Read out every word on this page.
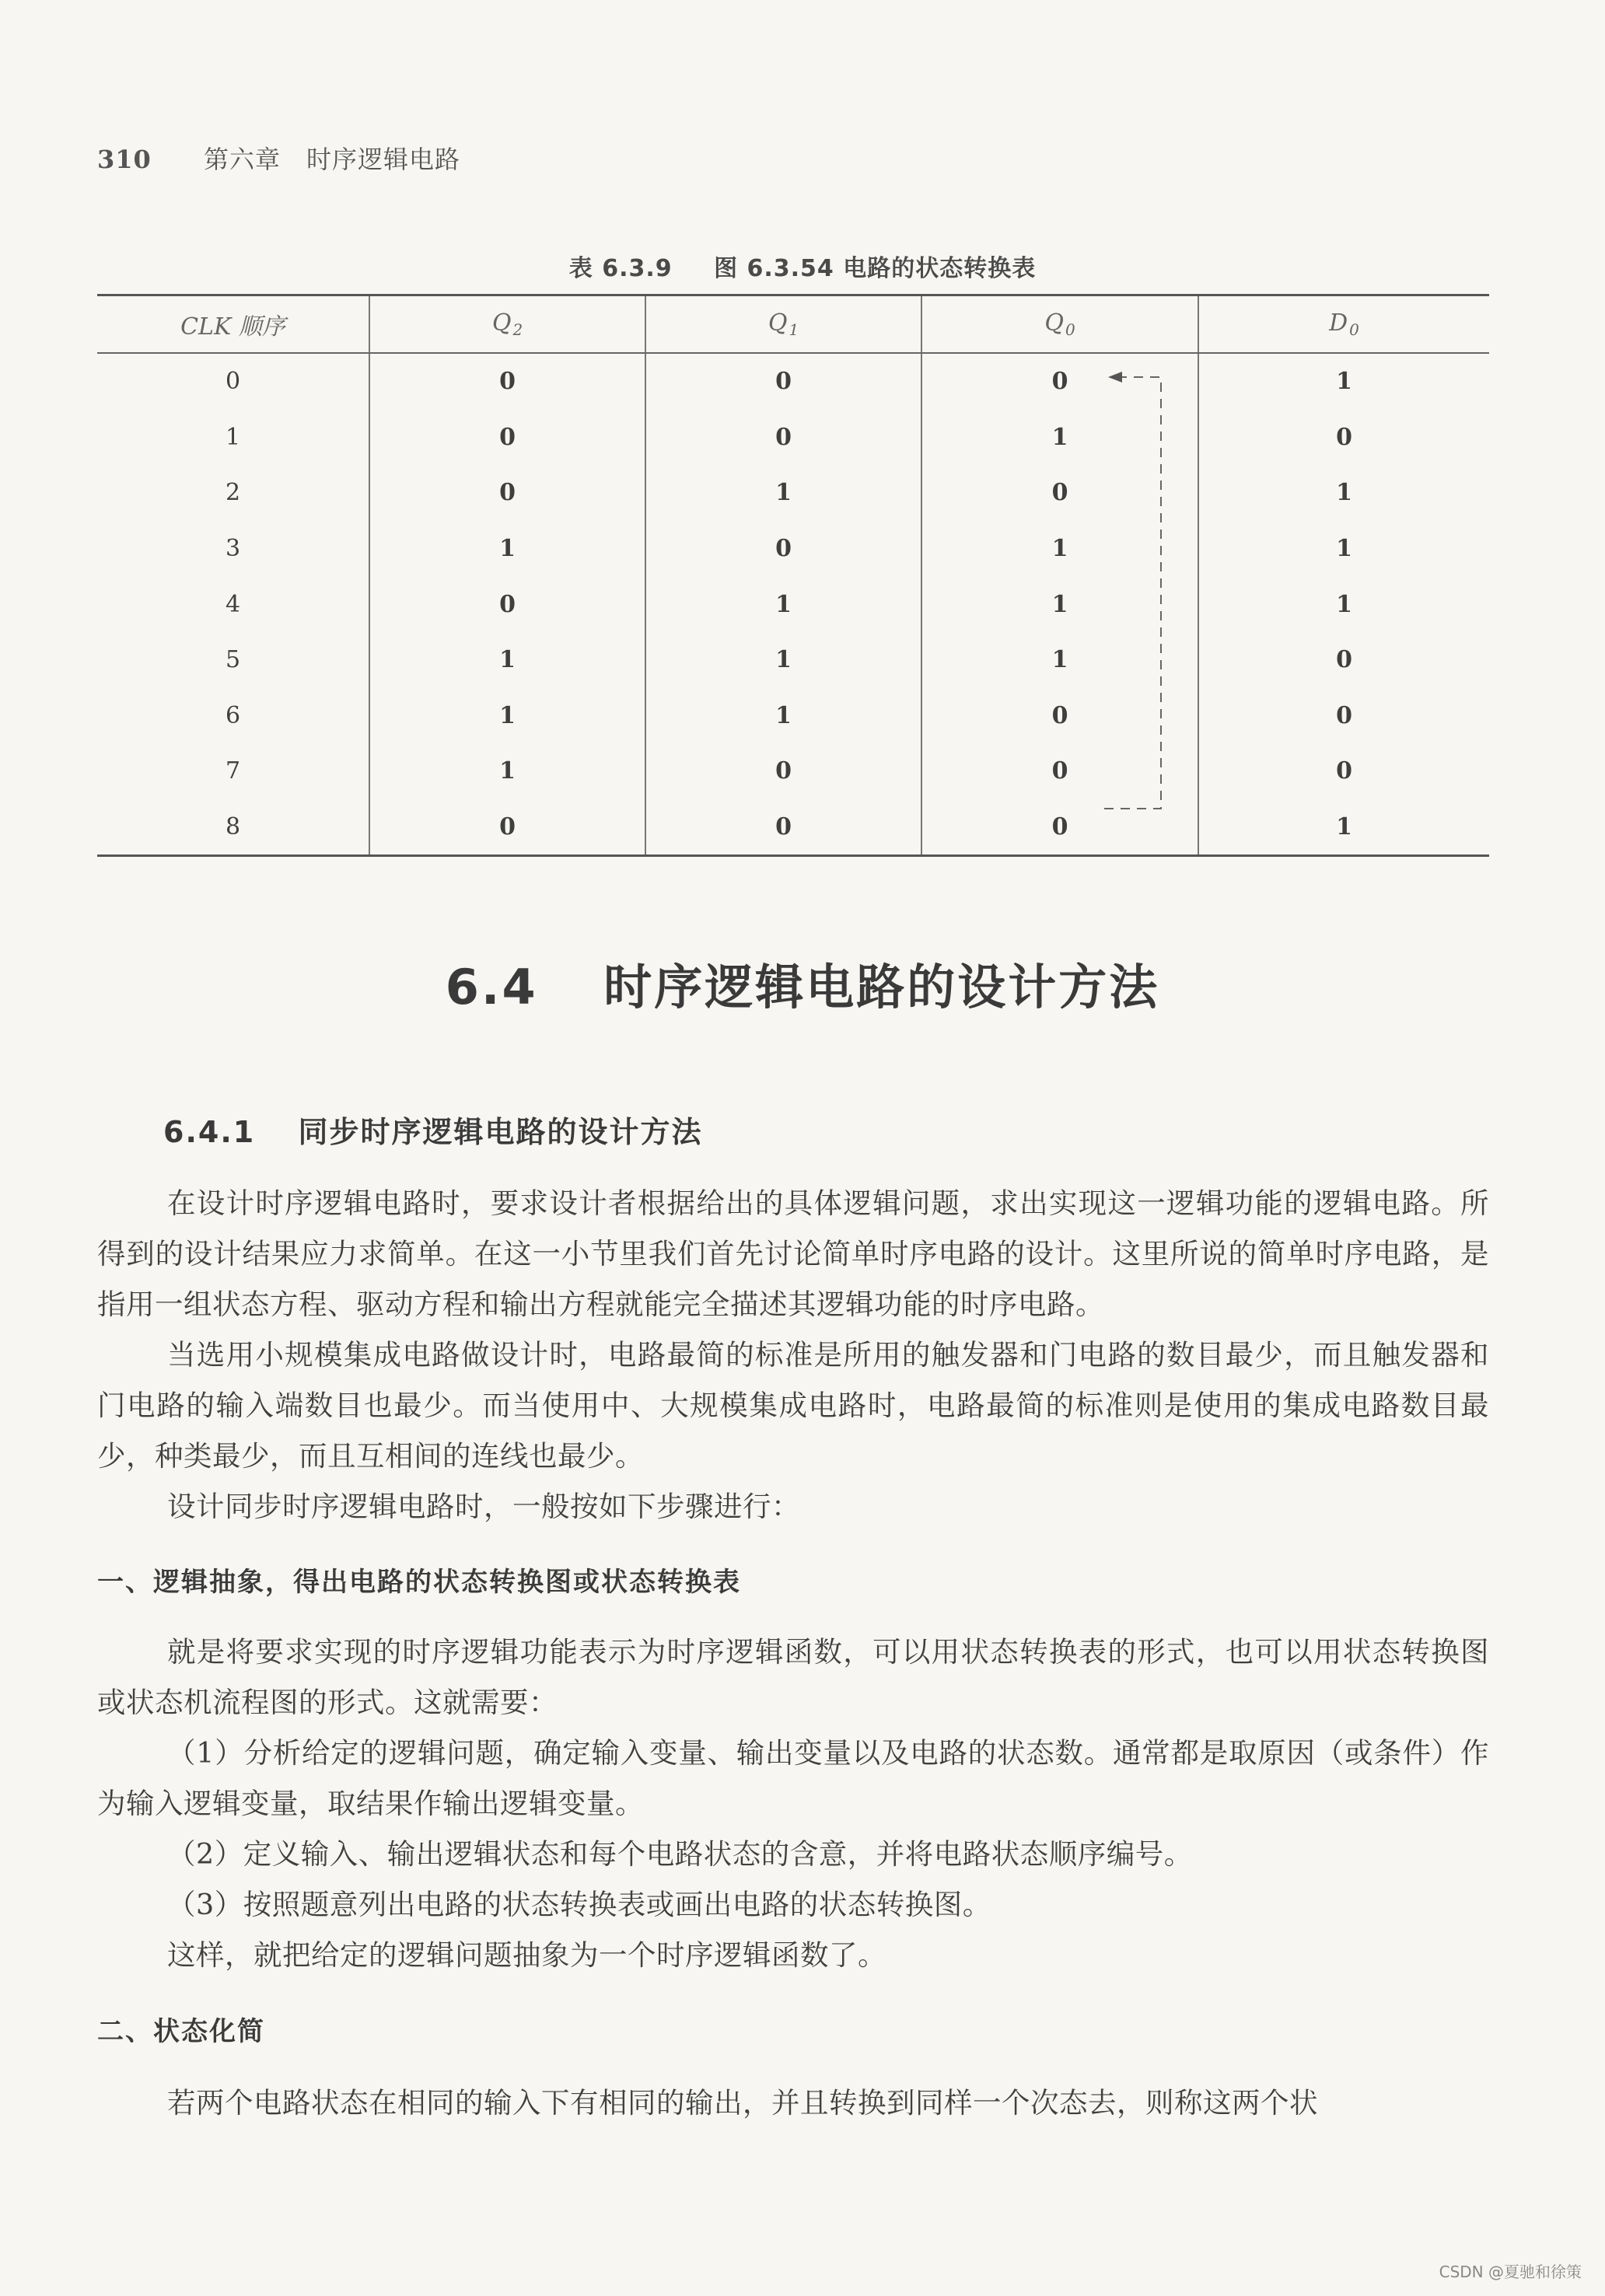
310 第六章　时序逻辑电路
表 6.3.9 图 6.3.54 电路的状态转换表
CLK 顺序	Q $_2$	Q $_1$	Q $_0$	D $_0$
0	0	0	0	1
1	0	0	1	0
2	0	1	0	1
3	1	0	1	1
4	0	1	1	1
5	1	1	1	0
6	1	1	0	0
7	1	0	0	0
8	0	0	0	1
6.4 时序逻辑电路的设计方法
6.4.1 同步时序逻辑电路的设计方法
在设计时序逻辑电路时，要求设计者根据给出的具体逻辑问题，求出实现这一逻辑功能的逻辑电路。所得到的设计结果应力求简单。在这一小节里我们首先讨论简单时序电路的设计。这里所说的简单时序电路，是指用一组状态方程、驱动方程和输出方程就能完全描述其逻辑功能的时序电路。
当选用小规模集成电路做设计时，电路最简的标准是所用的触发器和门电路的数目最少，而且触发器和门电路的输入端数目也最少。而当使用中、大规模集成电路时，电路最简的标准则是使用的集成电路数目最少，种类最少，而且互相间的连线也最少。
设计同步时序逻辑电路时，一般按如下步骤进行：
一、逻辑抽象，得出电路的状态转换图或状态转换表
就是将要求实现的时序逻辑功能表示为时序逻辑函数，可以用状态转换表的形式，也可以用状态转换图或状态机流程图的形式。这就需要：
（1）分析给定的逻辑问题，确定输入变量、输出变量以及电路的状态数。通常都是取原因（或条件）作为输入逻辑变量，取结果作输出逻辑变量。
（2）定义输入、输出逻辑状态和每个电路状态的含意，并将电路状态顺序编号。
（3）按照题意列出电路的状态转换表或画出电路的状态转换图。
这样，就把给定的逻辑问题抽象为一个时序逻辑函数了。
二、状态化简
若两个电路状态在相同的输入下有相同的输出，并且转换到同样一个次态去，则称这两个状
CSDN @夏驰和徐策
